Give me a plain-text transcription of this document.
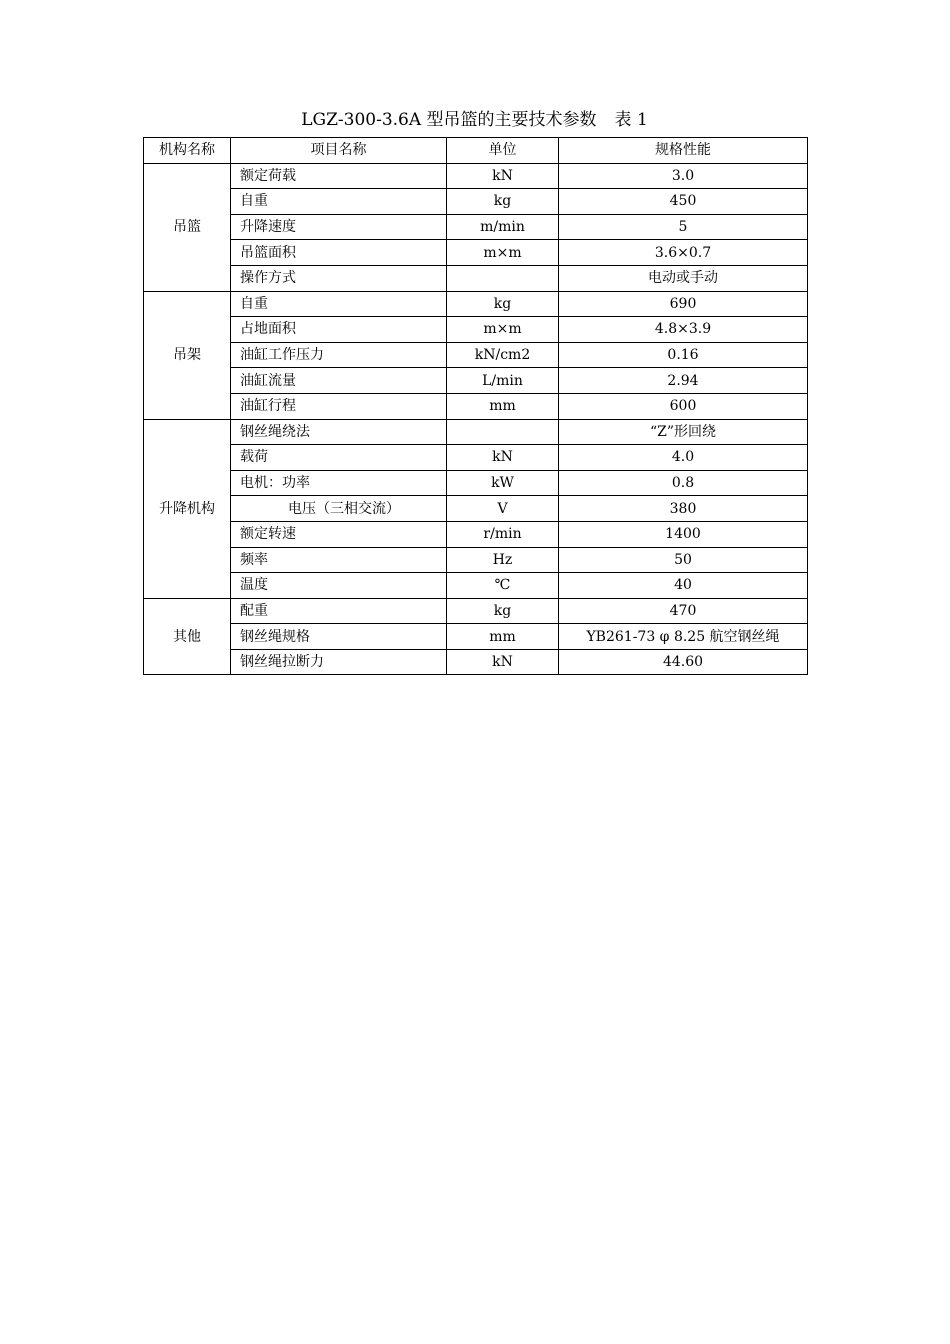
LGZ-300-3.6A 型吊篮的主要技术参数 表 1
机构名称	项目名称	单位	规格性能
吊篮	额定荷载	kN	3.0
	自重	kg	450
	升降速度	m/min	5
	吊篮面积	m×m	3.6×0.7
	操作方式		电动或手动
吊架	自重	kg	690
	占地面积	m×m	4.8×3.9
	油缸工作压力	kN/cm2	0.16
	油缸流量	L/min	2.94
	油缸行程	mm	600
升降机构	钢丝绳绕法		“Z”形回绕
	载荷	kN	4.0
	电机：功率	kW	0.8
	电压（三相交流）	V	380
	额定转速	r/min	1400
	频率	Hz	50
	温度	℃	40
其他	配重	kg	470
	钢丝绳规格	mm	YB261-73 φ 8.25 航空钢丝绳
	钢丝绳拉断力	kN	44.60
